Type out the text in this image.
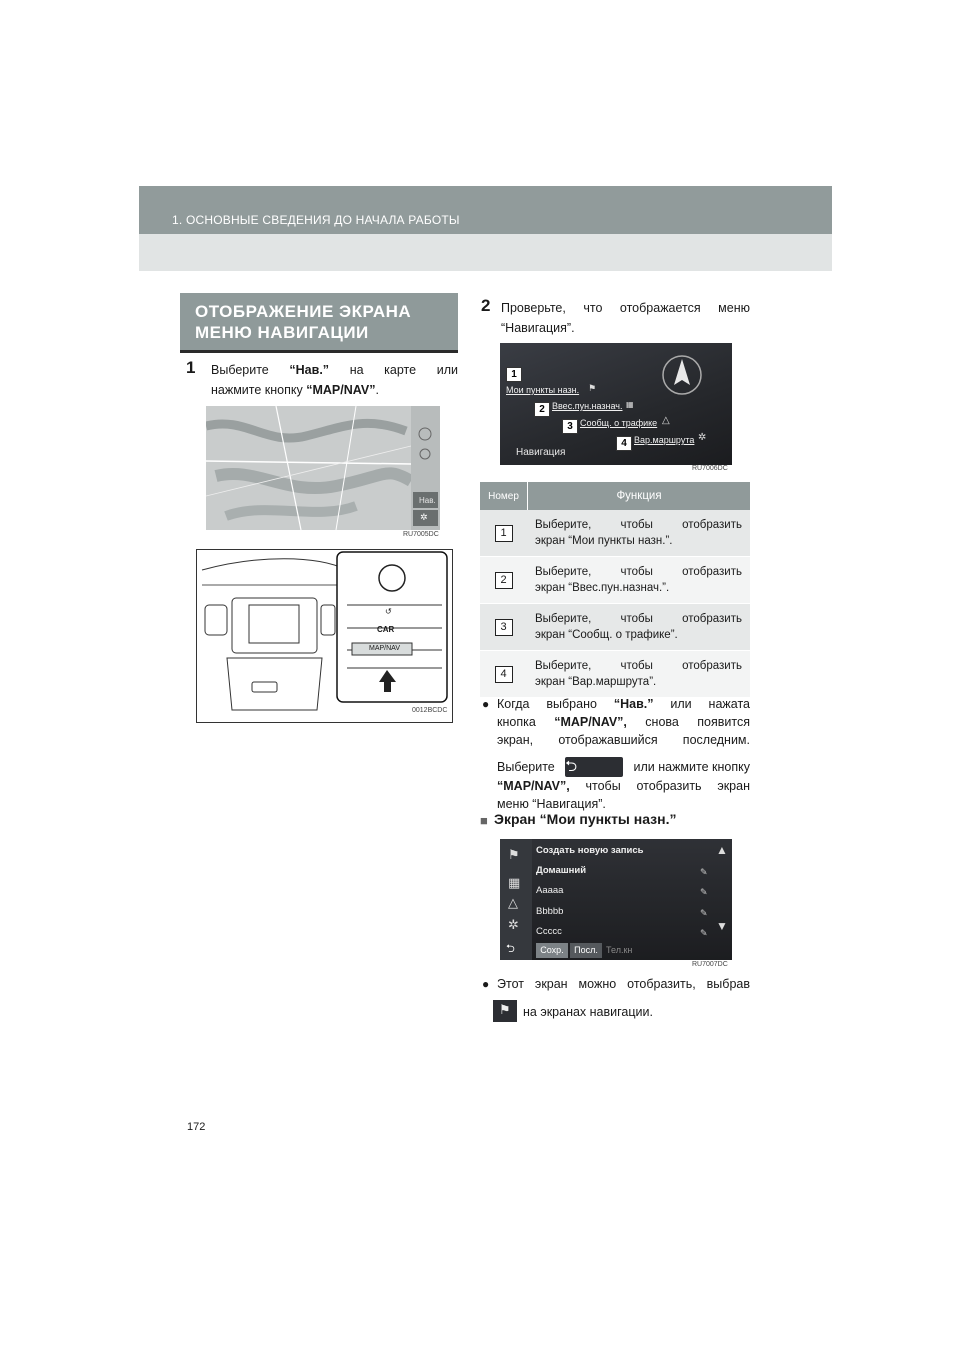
1. ОСНОВНЫЕ СВЕДЕНИЯ ДО НАЧАЛА РАБОТЫ
172
ОТОБРАЖЕНИЕ ЭКРАНА
МЕНЮ НАВИГАЦИИ
1 Выберите “Нав.” на карте или
нажмите кнопку “MAP/NAV”.
Нав.
✲
RU7005DC
CAR
MAP/NAV
↺
0012BCDC
2 Проверьте, что отображается меню
“Навигация”.
1
Мои пункты назн. ⚑
2 Ввес.пун.назнач. ▦
3 Сообщ. о трафике △
4 Вар.маршрута ✲
Навигация
RU7006DC
Номер	Функция
1
Выберите, чтобы отобразить
экран “Мои пункты назн.”.
2
Выберите, чтобы отобразить
экран “Ввес.пун.назнач.”.
3
Выберите, чтобы отобразить
экран “Сообщ. о трафике”.
4
Выберите, чтобы отобразить
экран “Вар.маршрута”.
● Когда выбрано “Нав.” или нажата
кнопка “MAP/NAV”, снова появится
экран, отображавшийся последним.
Выберите ⮌	или нажмите кнопку
“MAP/NAV”, чтобы отобразить экран
меню “Навигация”.
■ Экран “Мои пункты назн.”
⚑
▦
△
✲
⮌
Создать новую запись
Домашний
Aaaaa
Bbbbb
Ccccc
✎
✎
✎
✎
▲
▼
Сохр.	Посл. Тел.кн
RU7007DC
● Этот экран можно отобразить, выбрав
⚑ на экранах навигации.
